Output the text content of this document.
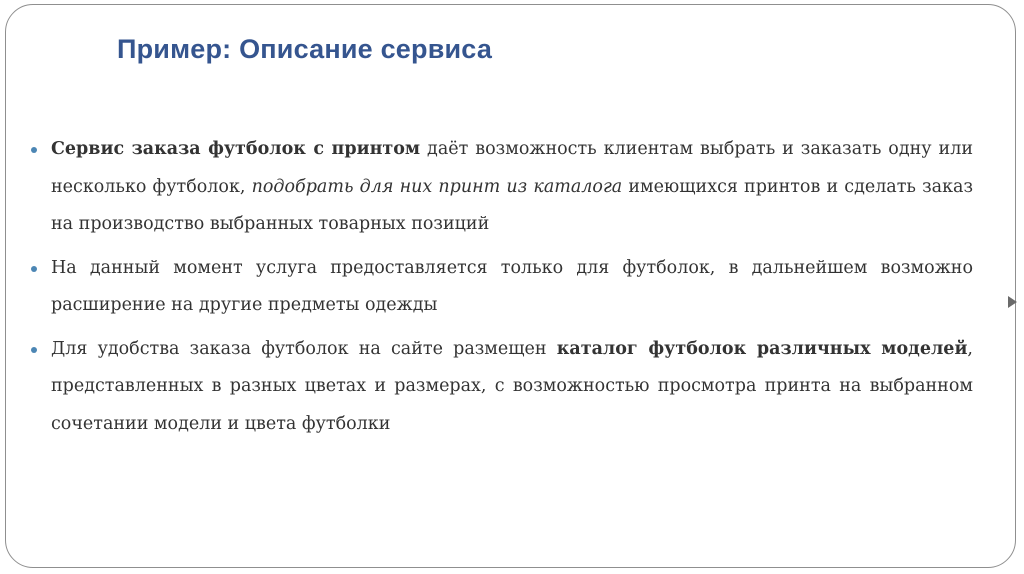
Пример: Описание сервиса
Сервис заказа футболок с принтом даёт возможность клиентам выбрать и заказать одну или несколько футболок, подобрать для них принт из каталога имеющихся принтов и сделать заказ на производство выбранных товарных позиций
На данный момент услуга предоставляется только для футболок, в дальнейшем возможно расширение на другие предметы одежды
Для удобства заказа футболок на сайте размещен каталог футболок различных моделей, представленных в разных цветах и размерах, с возможностью просмотра принта на выбранном сочетании модели и цвета футболки
